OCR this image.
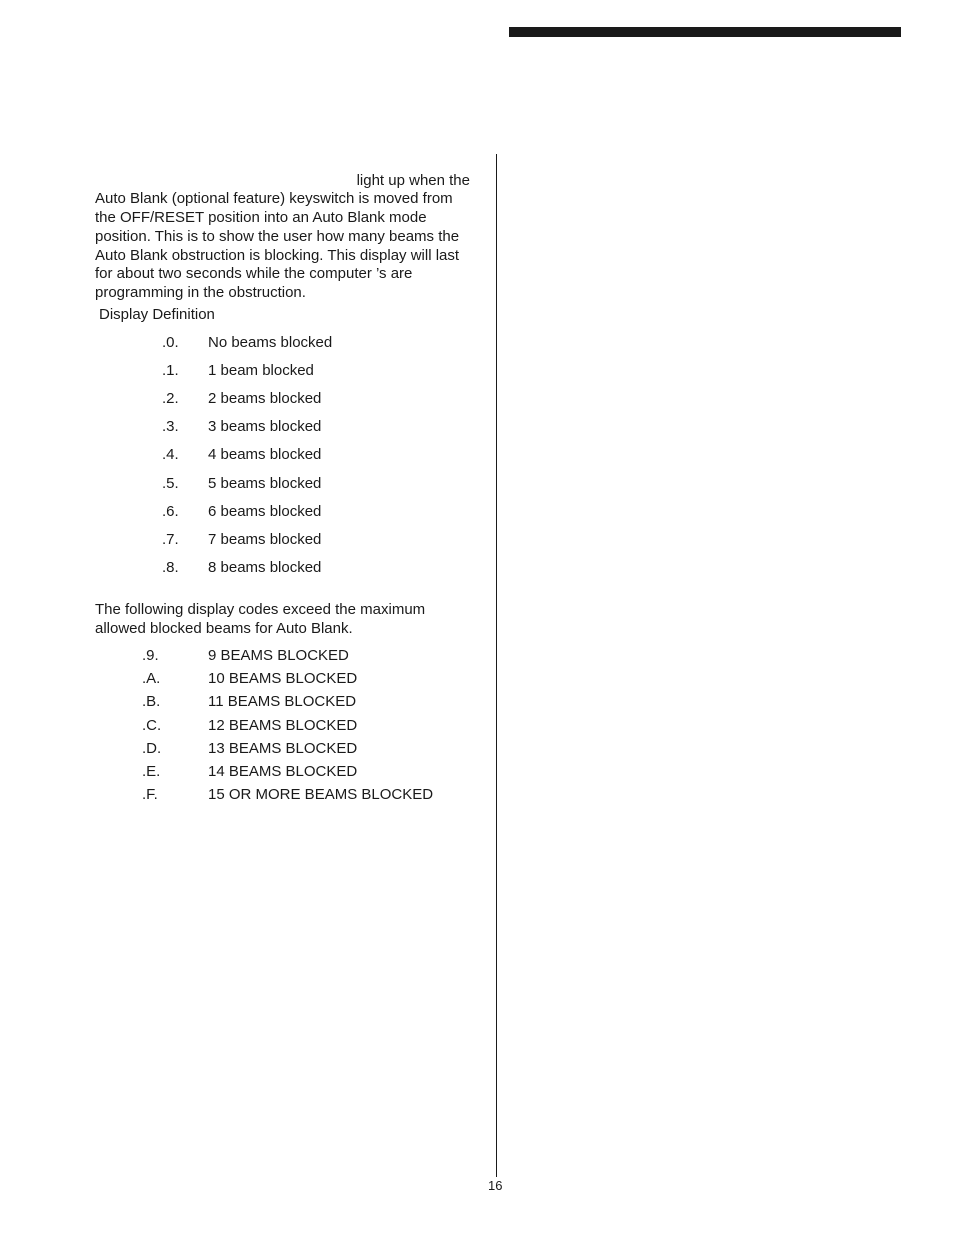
light up when the
Auto Blank (optional feature) keyswitch is moved from
the OFF/RESET position into an Auto Blank mode
position. This is to show the user how many beams the
Auto Blank obstruction is blocking. This display will last
for about two seconds while the computer ’s are
programming in the obstruction.

Display Definition
.0. No beams blocked
.1. 1 beam blocked
.2. 2 beams blocked
.3. 3 beams blocked
.4. 4 beams blocked
.5. 5 beams blocked
.6. 6 beams blocked
.7. 7 beams blocked
.8. 8 beams blocked
The following display codes exceed the maximum allowed blocked beams for Auto Blank.
.9.	9 BEAMS BLOCKED
.A.	10 BEAMS BLOCKED
.B.	11 BEAMS BLOCKED
.C.	12 BEAMS BLOCKED
.D.	13 BEAMS BLOCKED
.E.	14 BEAMS BLOCKED
.F.	15 OR MORE BEAMS BLOCKED
16
